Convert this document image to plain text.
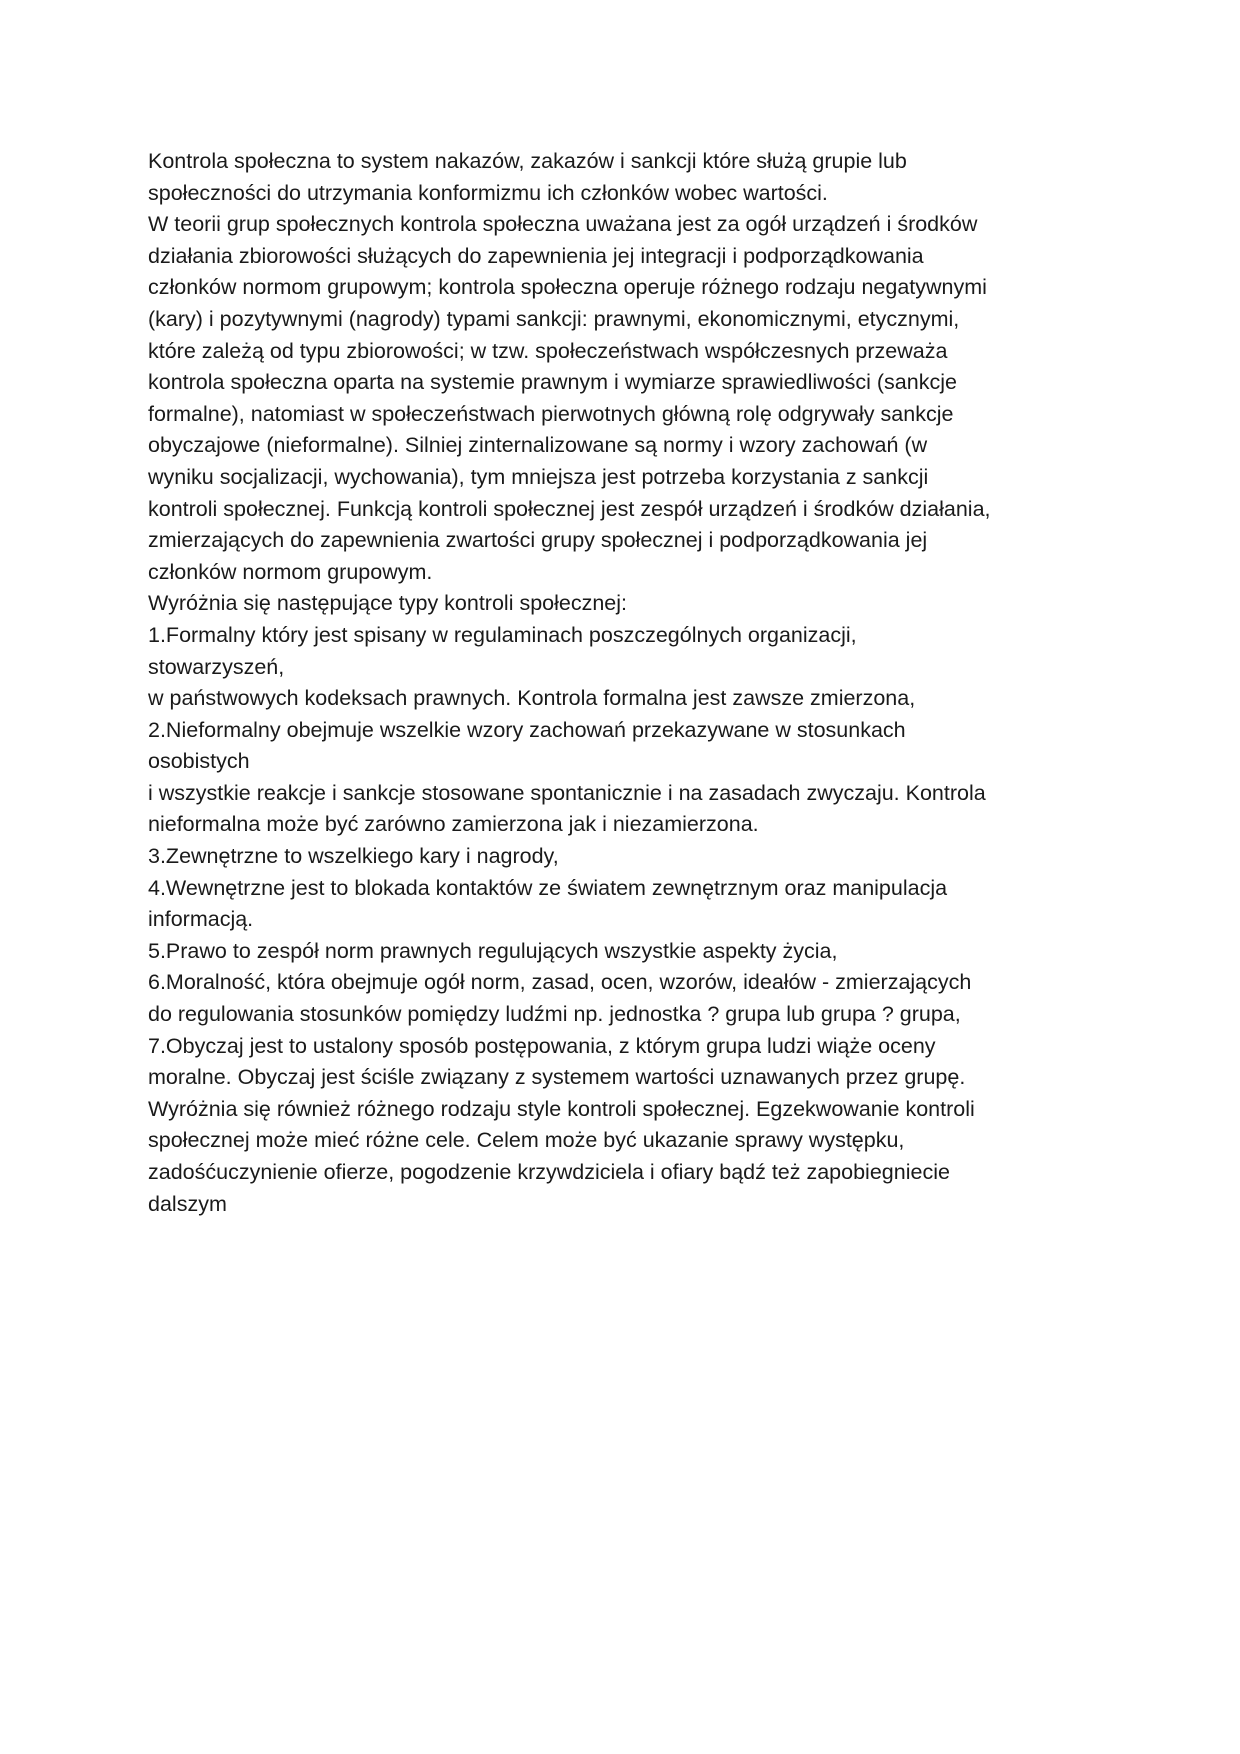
Kontrola społeczna to system nakazów, zakazów i sankcji które służą grupie lub
społeczności do utrzymania konformizmu ich członków wobec wartości.
W teorii grup społecznych kontrola społeczna uważana jest za ogół urządzeń i środków
działania zbiorowości służących do zapewnienia jej integracji i podporządkowania
członków normom grupowym; kontrola społeczna operuje różnego rodzaju negatywnymi
(kary) i pozytywnymi (nagrody) typami sankcji: prawnymi, ekonomicznymi, etycznymi,
które zależą od typu zbiorowości; w tzw. społeczeństwach współczesnych przeważa
kontrola społeczna oparta na systemie prawnym i wymiarze sprawiedliwości (sankcje
formalne), natomiast w społeczeństwach pierwotnych główną rolę odgrywały sankcje
obyczajowe (nieformalne). Silniej zinternalizowane są normy i wzory zachowań (w
wyniku socjalizacji, wychowania), tym mniejsza jest potrzeba korzystania z sankcji
kontroli społecznej. Funkcją kontroli społecznej jest zespół urządzeń i środków działania,
zmierzających do zapewnienia zwartości grupy społecznej i podporządkowania jej
członków normom grupowym.
Wyróżnia się następujące typy kontroli społecznej:
1.Formalny który jest spisany w regulaminach poszczególnych organizacji,
stowarzyszeń,
w państwowych kodeksach prawnych. Kontrola formalna jest zawsze zmierzona,
2.Nieformalny obejmuje wszelkie wzory zachowań przekazywane w stosunkach
osobistych
i wszystkie reakcje i sankcje stosowane spontanicznie i na zasadach zwyczaju. Kontrola
nieformalna może być zarówno zamierzona jak i niezamierzona.
3.Zewnętrzne to wszelkiego kary i nagrody,
4.Wewnętrzne jest to blokada kontaktów ze światem zewnętrznym oraz manipulacja
informacją.
5.Prawo to zespół norm prawnych regulujących wszystkie aspekty życia,
6.Moralność, która obejmuje ogół norm, zasad, ocen, wzorów, ideałów - zmierzających
do regulowania stosunków pomiędzy ludźmi np. jednostka ? grupa lub grupa ? grupa,
7.Obyczaj jest to ustalony sposób postępowania, z którym grupa ludzi wiąże oceny
moralne. Obyczaj jest ściśle związany z systemem wartości uznawanych przez grupę.
Wyróżnia się również różnego rodzaju style kontroli społecznej. Egzekwowanie kontroli
społecznej może mieć różne cele. Celem może być ukazanie sprawy występku,
zadośćuczynienie ofierze, pogodzenie krzywdziciela i ofiary bądź też zapobiegniecie
dalszym
